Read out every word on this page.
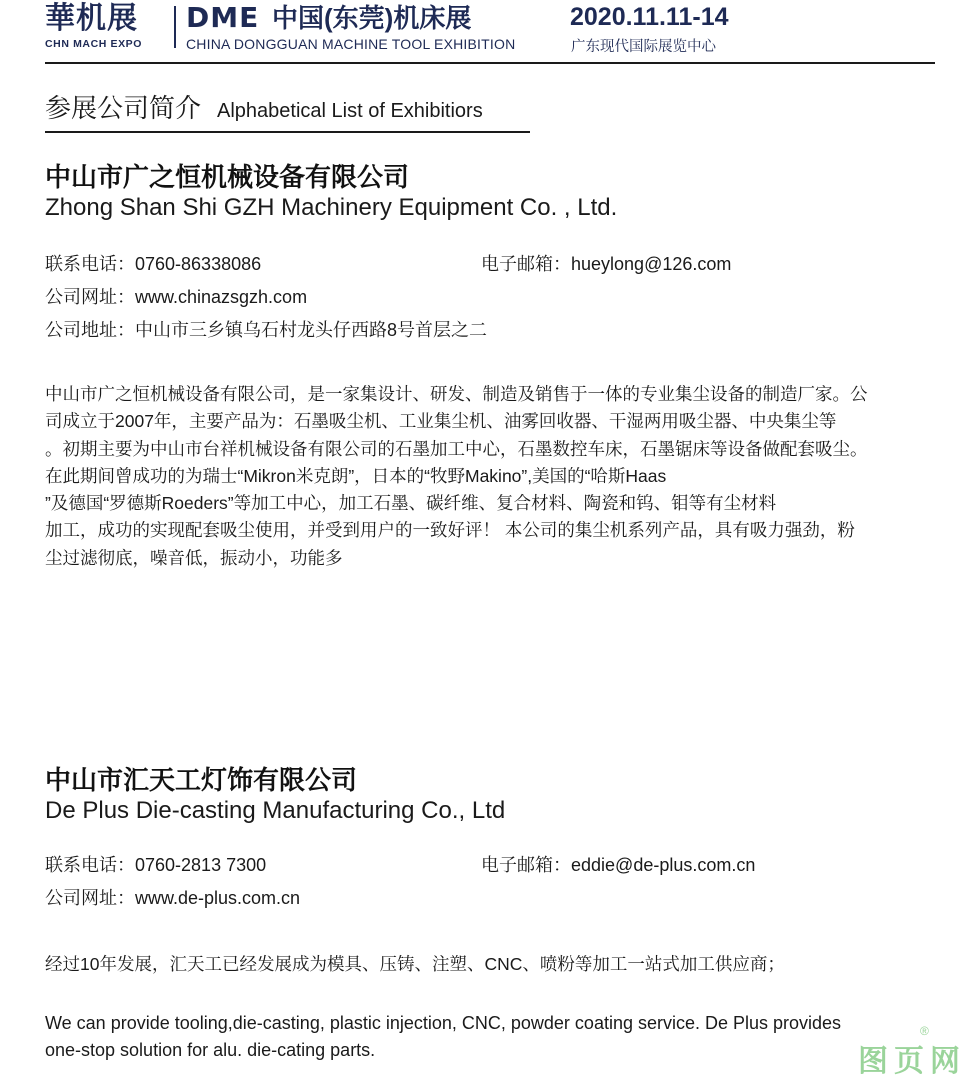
華机展
CHN MACH EXPO
DME 中国(东莞)机床展	2020.11.11-14
CHINA DONGGUAN MACHINE TOOL EXHIBITION	广东现代国际展览中心
参展公司简介 Alphabetical List of Exhibitiors
中山市广之恒机械设备有限公司
Zhong Shan Shi GZH Machinery Equipment Co. , Ltd.
联系电话：0760-86338086	电子邮箱：hueylong@126.com
公司网址：www.chinazsgzh.com
公司地址：中山市三乡镇乌石村龙头仔西路8号首层之二
中山市广之恒机械设备有限公司，是一家集设计、研发、制造及销售于一体的专业集尘设备的制造厂家。公
司成立于2007年，主要产品为：石墨吸尘机、工业集尘机、油雾回收器、干湿两用吸尘器、中央集尘等
。初期主要为中山市台祥机械设备有限公司的石墨加工中心，石墨数控车床，石墨锯床等设备做配套吸尘。
在此期间曾成功的为瑞士“Mikron米克朗”，日本的“牧野Makino”,美国的“哈斯Haas
”及德国“罗德斯Roeders”等加工中心，加工石墨、碳纤维、复合材料、陶瓷和钨、钼等有尘材料
加工，成功的实现配套吸尘使用，并受到用户的一致好评！ 本公司的集尘机系列产品，具有吸力强劲，粉
尘过滤彻底，噪音低，振动小，功能多
中山市汇天工灯饰有限公司
De Plus Die-casting Manufacturing Co., Ltd
联系电话：0760-2813 7300	电子邮箱：eddie@de-plus.com.cn
公司网址：www.de-plus.com.cn
经过10年发展，汇天工已经发展成为模具、压铸、注塑、CNC、喷粉等加工一站式加工供应商；
We can provide tooling,die-casting, plastic injection, CNC, powder coating service. De Plus provides
one-stop solution for alu. die-cating parts.	图页网
®
